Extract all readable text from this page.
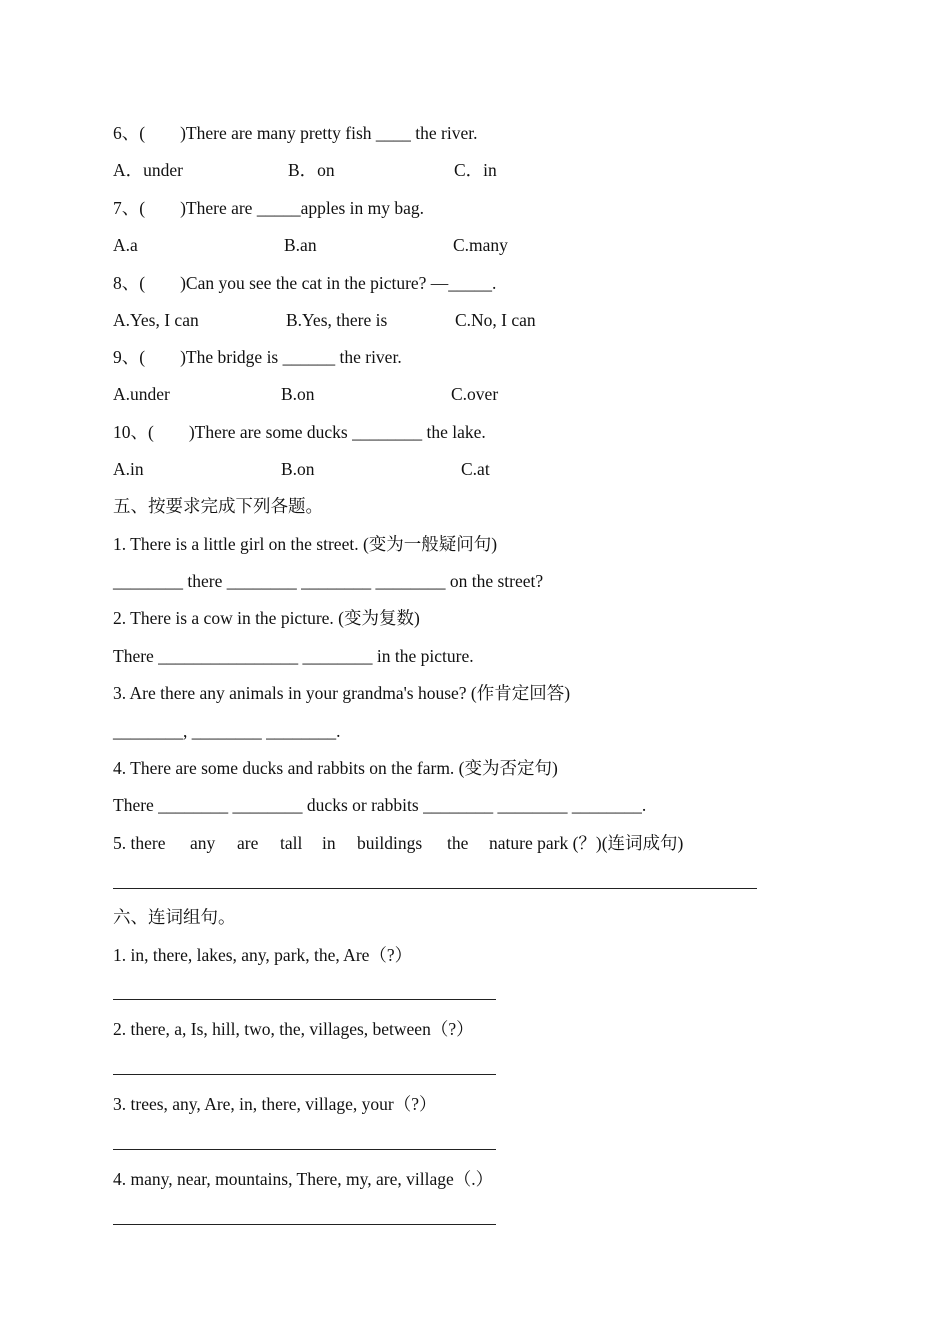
6、(        )There are many pretty fish ____ the river.
A．under	B．on	C．in
7、(        )There are _____apples in my bag.
A.a	B.an	C.many
8、(        )Can you see the cat in the picture? —_____.
A.Yes, I can	B.Yes, there is	C.No, I can
9、(        )The bridge is ______ the river.
A.under	B.on	C.over
10、(        )There are some ducks ________ the lake.
A.in	B.on	C.at
五、按要求完成下列各题。
1. There is a little girl on the street. (变为一般疑问句)
________ there ________ ________ ________ on the street?
2. There is a cow in the picture. (变为复数)
There ________________ ________ in the picture.
3. Are there any animals in your grandma's house? (作肯定回答)
________, ________ ________.
4. There are some ducks and rabbits on the farm. (变为否定句)
There ________ ________ ducks or rabbits ________ ________ ________.
5. there any are tall in buildings the nature park (？)(连词成句)
六、连词组句。
1. in, there, lakes, any, park, the, Are（?）
2. there, a, Is, hill, two, the, villages, between（?）
3. trees, any, Are, in, there, village, your（?）
4. many, near, mountains, There, my, are, village（.）
